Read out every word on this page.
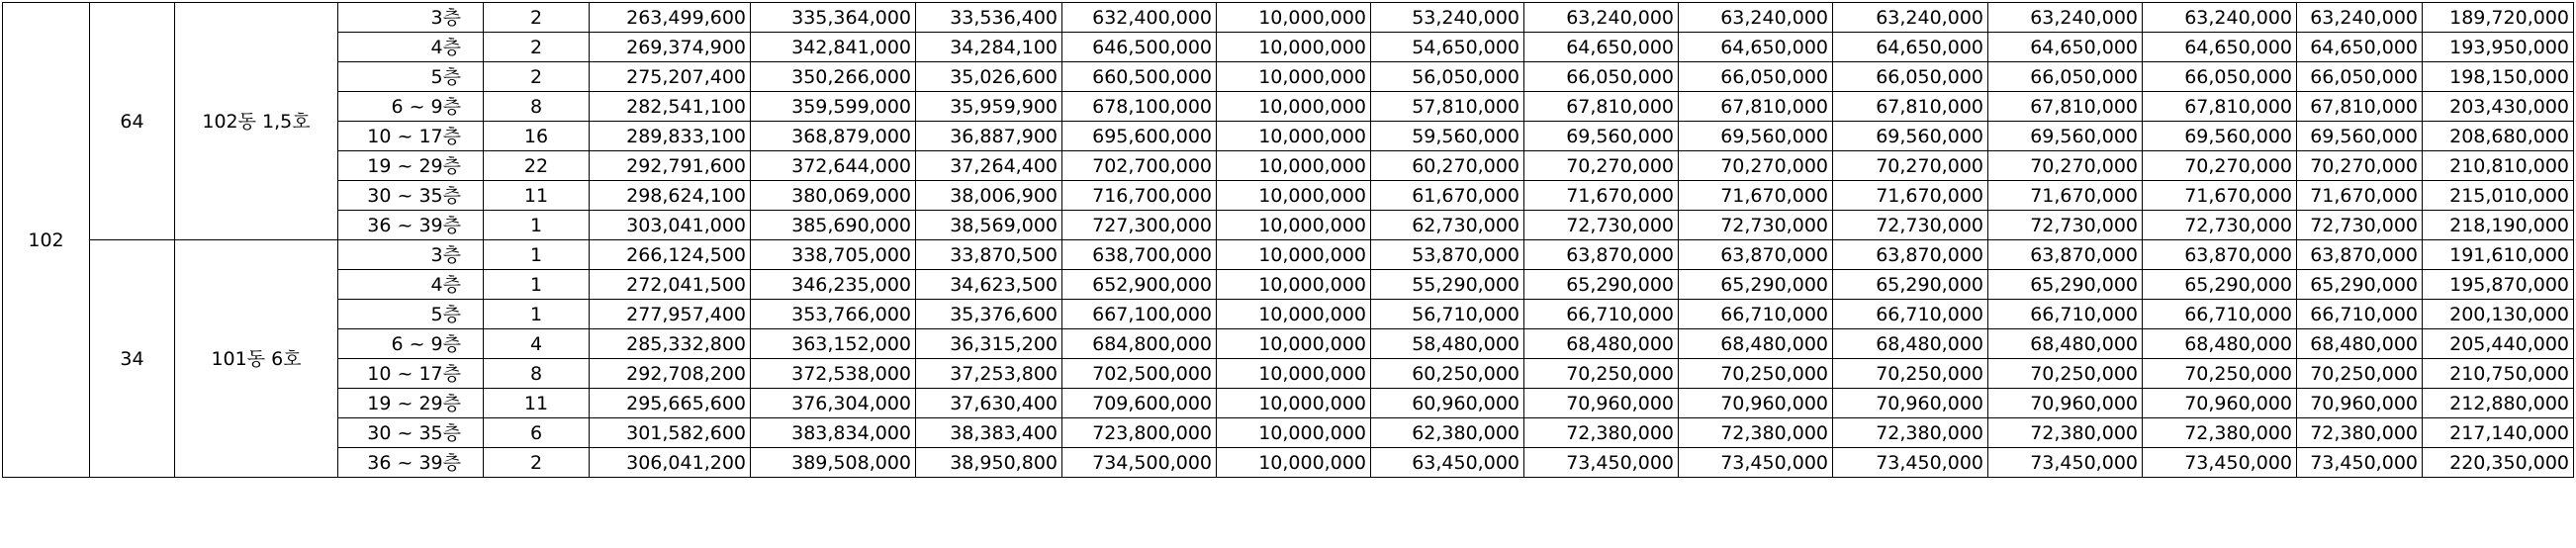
102	64	102동 1,5호	3층	2	263,499,600	335,364,000	33,536,400	632,400,000	10,000,000	53,240,000	63,240,000	63,240,000	63,240,000	63,240,000	63,240,000	63,240,000	189,720,000
			4층	2	269,374,900	342,841,000	34,284,100	646,500,000	10,000,000	54,650,000	64,650,000	64,650,000	64,650,000	64,650,000	64,650,000	64,650,000	193,950,000
			5층	2	275,207,400	350,266,000	35,026,600	660,500,000	10,000,000	56,050,000	66,050,000	66,050,000	66,050,000	66,050,000	66,050,000	66,050,000	198,150,000
			6 ~ 9층	8	282,541,100	359,599,000	35,959,900	678,100,000	10,000,000	57,810,000	67,810,000	67,810,000	67,810,000	67,810,000	67,810,000	67,810,000	203,430,000
			10 ~ 17층	16	289,833,100	368,879,000	36,887,900	695,600,000	10,000,000	59,560,000	69,560,000	69,560,000	69,560,000	69,560,000	69,560,000	69,560,000	208,680,000
			19 ~ 29층	22	292,791,600	372,644,000	37,264,400	702,700,000	10,000,000	60,270,000	70,270,000	70,270,000	70,270,000	70,270,000	70,270,000	70,270,000	210,810,000
			30 ~ 35층	11	298,624,100	380,069,000	38,006,900	716,700,000	10,000,000	61,670,000	71,670,000	71,670,000	71,670,000	71,670,000	71,670,000	71,670,000	215,010,000
			36 ~ 39층	1	303,041,000	385,690,000	38,569,000	727,300,000	10,000,000	62,730,000	72,730,000	72,730,000	72,730,000	72,730,000	72,730,000	72,730,000	218,190,000
	34	101동 6호	3층	1	266,124,500	338,705,000	33,870,500	638,700,000	10,000,000	53,870,000	63,870,000	63,870,000	63,870,000	63,870,000	63,870,000	63,870,000	191,610,000
			4층	1	272,041,500	346,235,000	34,623,500	652,900,000	10,000,000	55,290,000	65,290,000	65,290,000	65,290,000	65,290,000	65,290,000	65,290,000	195,870,000
			5층	1	277,957,400	353,766,000	35,376,600	667,100,000	10,000,000	56,710,000	66,710,000	66,710,000	66,710,000	66,710,000	66,710,000	66,710,000	200,130,000
			6 ~ 9층	4	285,332,800	363,152,000	36,315,200	684,800,000	10,000,000	58,480,000	68,480,000	68,480,000	68,480,000	68,480,000	68,480,000	68,480,000	205,440,000
			10 ~ 17층	8	292,708,200	372,538,000	37,253,800	702,500,000	10,000,000	60,250,000	70,250,000	70,250,000	70,250,000	70,250,000	70,250,000	70,250,000	210,750,000
			19 ~ 29층	11	295,665,600	376,304,000	37,630,400	709,600,000	10,000,000	60,960,000	70,960,000	70,960,000	70,960,000	70,960,000	70,960,000	70,960,000	212,880,000
			30 ~ 35층	6	301,582,600	383,834,000	38,383,400	723,800,000	10,000,000	62,380,000	72,380,000	72,380,000	72,380,000	72,380,000	72,380,000	72,380,000	217,140,000
			36 ~ 39층	2	306,041,200	389,508,000	38,950,800	734,500,000	10,000,000	63,450,000	73,450,000	73,450,000	73,450,000	73,450,000	73,450,000	73,450,000	220,350,000
